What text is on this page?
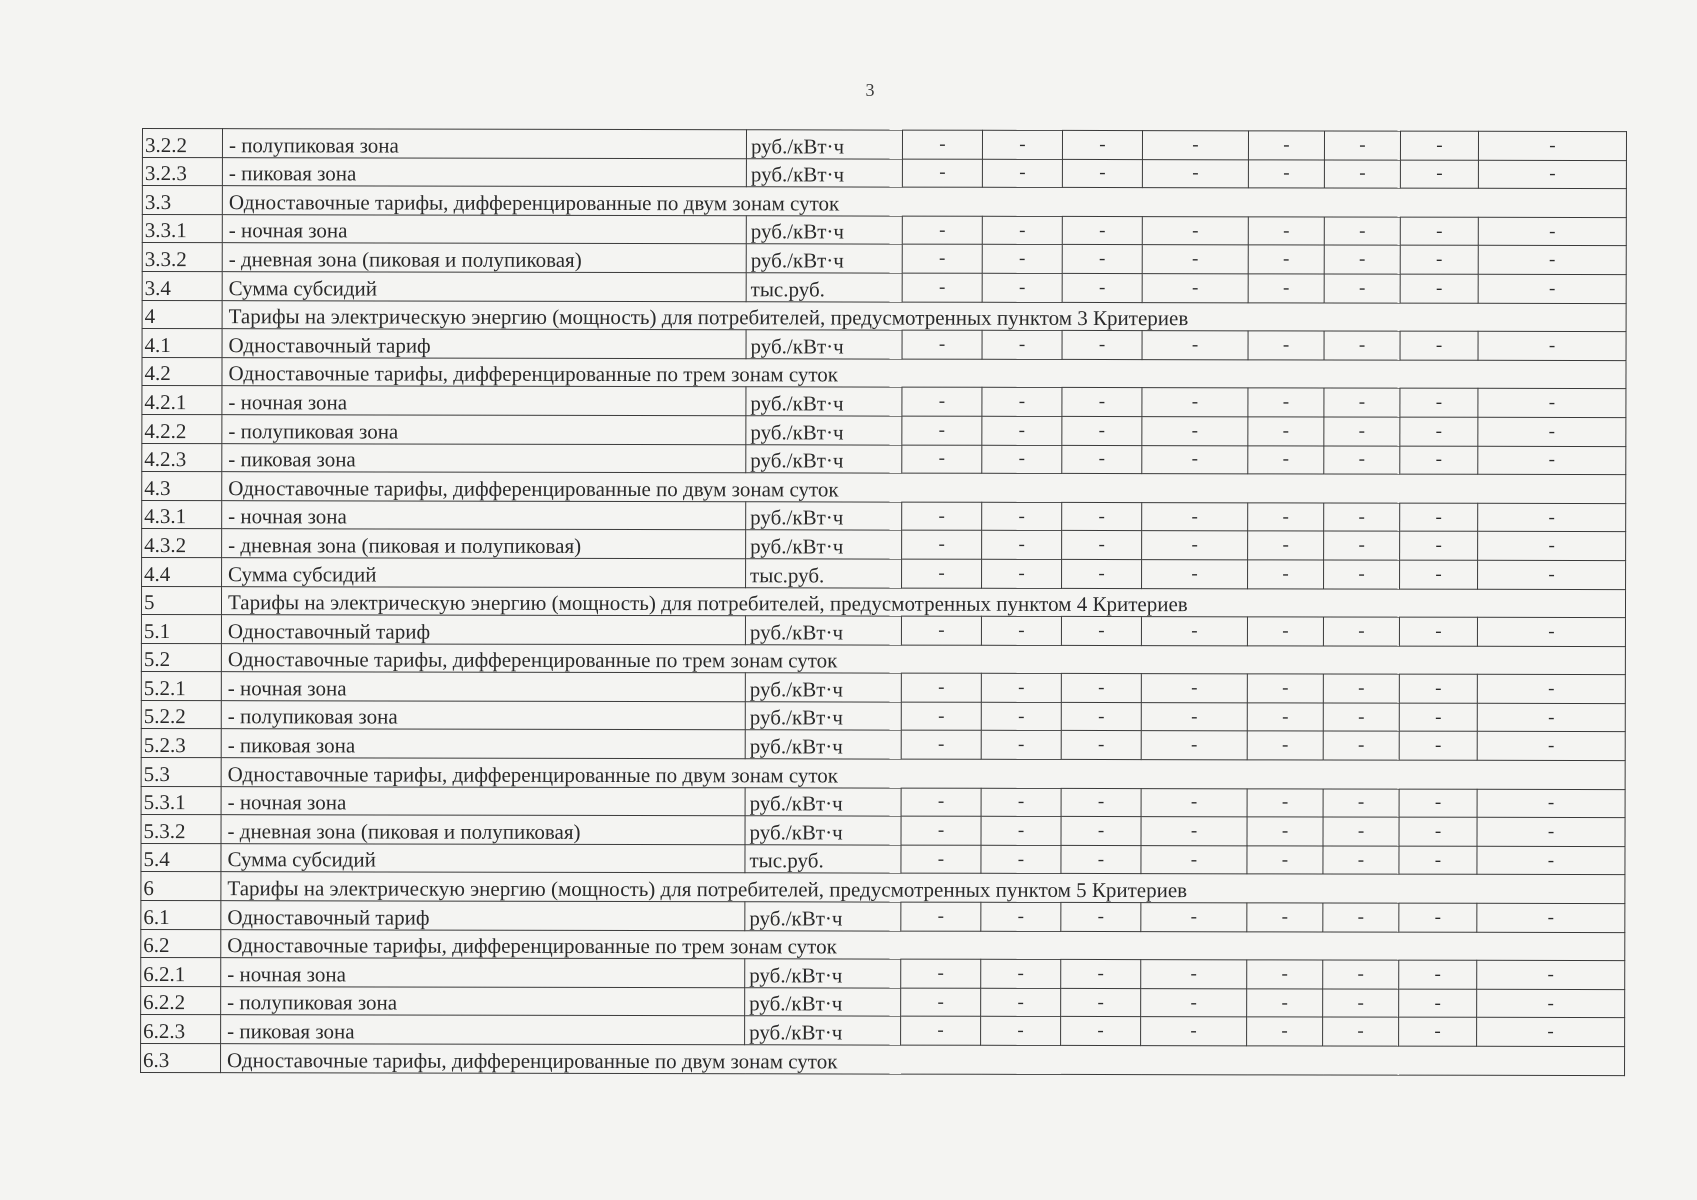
3
3.2.2	- полупиковая зона	руб./кВт·ч	-	-	-	-	-	-	-	-
3.2.3	- пиковая зона	руб./кВт·ч	-	-	-	-	-	-	-	-
3.3	Одноставочные тарифы, дифференцированные по двум зонам суток									
3.3.1	- ночная зона	руб./кВт·ч	-	-	-	-	-	-	-	-
3.3.2	- дневная зона (пиковая и полупиковая)	руб./кВт·ч	-	-	-	-	-	-	-	-
3.4	Сумма субсидий	тыс.руб.	-	-	-	-	-	-	-	-
4	Тарифы на электрическую энергию (мощность) для потребителей, предусмотренных пунктом 3 Критериев									
4.1	Одноставочный тариф	руб./кВт·ч	-	-	-	-	-	-	-	-
4.2	Одноставочные тарифы, дифференцированные по трем зонам суток									
4.2.1	- ночная зона	руб./кВт·ч	-	-	-	-	-	-	-	-
4.2.2	- полупиковая зона	руб./кВт·ч	-	-	-	-	-	-	-	-
4.2.3	- пиковая зона	руб./кВт·ч	-	-	-	-	-	-	-	-
4.3	Одноставочные тарифы, дифференцированные по двум зонам суток									
4.3.1	- ночная зона	руб./кВт·ч	-	-	-	-	-	-	-	-
4.3.2	- дневная зона (пиковая и полупиковая)	руб./кВт·ч	-	-	-	-	-	-	-	-
4.4	Сумма субсидий	тыс.руб.	-	-	-	-	-	-	-	-
5	Тарифы на электрическую энергию (мощность) для потребителей, предусмотренных пунктом 4 Критериев									
5.1	Одноставочный тариф	руб./кВт·ч	-	-	-	-	-	-	-	-
5.2	Одноставочные тарифы, дифференцированные по трем зонам суток									
5.2.1	- ночная зона	руб./кВт·ч	-	-	-	-	-	-	-	-
5.2.2	- полупиковая зона	руб./кВт·ч	-	-	-	-	-	-	-	-
5.2.3	- пиковая зона	руб./кВт·ч	-	-	-	-	-	-	-	-
5.3	Одноставочные тарифы, дифференцированные по двум зонам суток									
5.3.1	- ночная зона	руб./кВт·ч	-	-	-	-	-	-	-	-
5.3.2	- дневная зона (пиковая и полупиковая)	руб./кВт·ч	-	-	-	-	-	-	-	-
5.4	Сумма субсидий	тыс.руб.	-	-	-	-	-	-	-	-
6	Тарифы на электрическую энергию (мощность) для потребителей, предусмотренных пунктом 5 Критериев									
6.1	Одноставочный тариф	руб./кВт·ч	-	-	-	-	-	-	-	-
6.2	Одноставочные тарифы, дифференцированные по трем зонам суток									
6.2.1	- ночная зона	руб./кВт·ч	-	-	-	-	-	-	-	-
6.2.2	- полупиковая зона	руб./кВт·ч	-	-	-	-	-	-	-	-
6.2.3	- пиковая зона	руб./кВт·ч	-	-	-	-	-	-	-	-
6.3	Одноставочные тарифы, дифференцированные по двум зонам суток									
